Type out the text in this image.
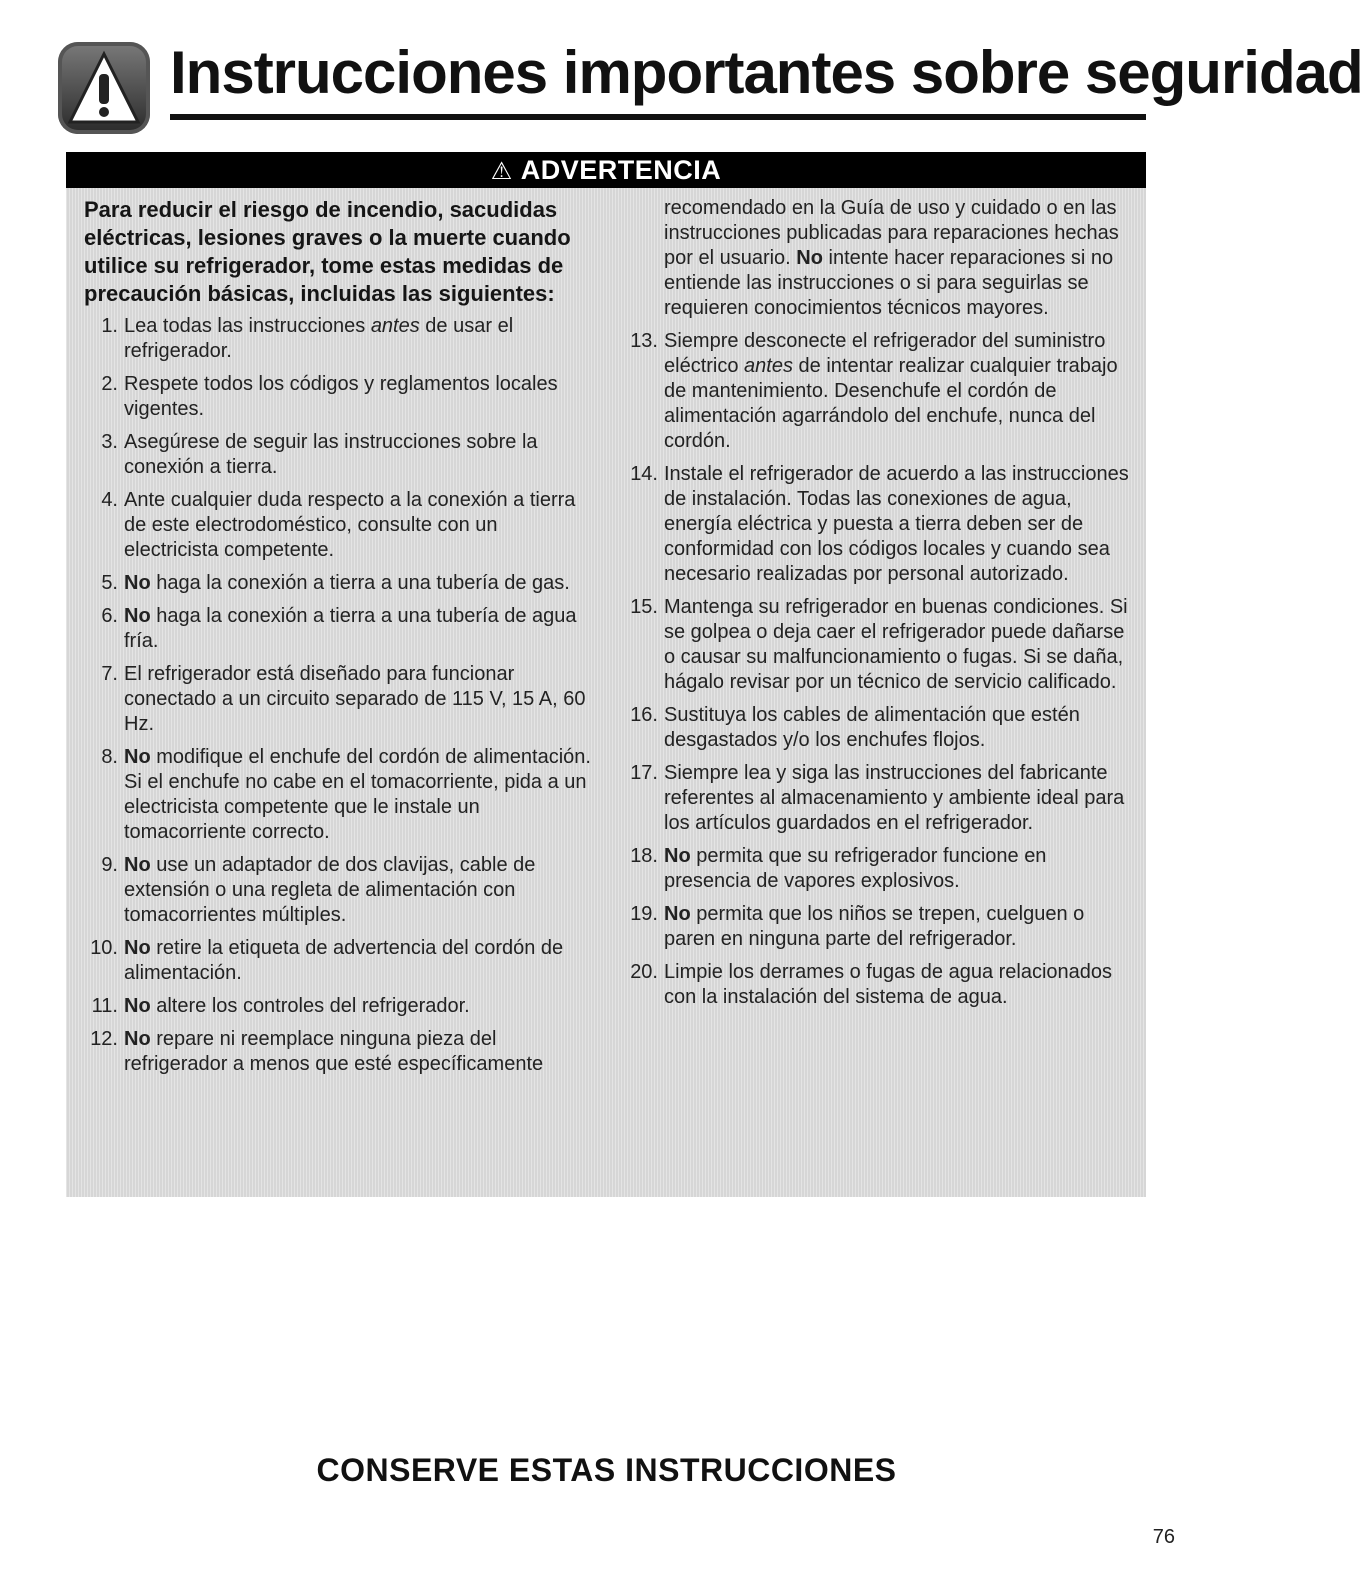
Instrucciones importantes sobre seguridad
⚠ ADVERTENCIA

Para reducir el riesgo de incendio, sacudidas eléctricas, lesiones graves o la muerte cuando utilice su refrigerador, tome estas medidas de precaución básicas, incluidas las siguientes:

1. Lea todas las instrucciones antes de usar el refrigerador.
2. Respete todos los códigos y reglamentos locales vigentes.
3. Asegúrese de seguir las instrucciones sobre la conexión a tierra.
4. Ante cualquier duda respecto a la conexión a tierra de este electrodoméstico, consulte con un electricista competente.
5. No haga la conexión a tierra a una tubería de gas.
6. No haga la conexión a tierra a una tubería de agua fría.
7. El refrigerador está diseñado para funcionar conectado a un circuito separado de 115 V, 15 A, 60 Hz.
8. No modifique el enchufe del cordón de alimentación. Si el enchufe no cabe en el tomacorriente, pida a un electricista competente que le instale un tomacorriente correcto.
9. No use un adaptador de dos clavijas, cable de extensión o una regleta de alimentación con tomacorrientes múltiples.
10. No retire la etiqueta de advertencia del cordón de alimentación.
11. No altere los controles del refrigerador.
12. No repare ni reemplace ninguna pieza del refrigerador a menos que esté específicamente

recomendado en la Guía de uso y cuidado o en las instrucciones publicadas para reparaciones hechas por el usuario. No intente hacer reparaciones si no entiende las instrucciones o si para seguirlas se requieren conocimientos técnicos mayores.

13. Siempre desconecte el refrigerador del suministro eléctrico antes de intentar realizar cualquier trabajo de mantenimiento. Desenchufe el cordón de alimentación agarrándolo del enchufe, nunca del cordón.
14. Instale el refrigerador de acuerdo a las instrucciones de instalación. Todas las conexiones de agua, energía eléctrica y puesta a tierra deben ser de conformidad con los códigos locales y cuando sea necesario realizadas por personal autorizado.
15. Mantenga su refrigerador en buenas condiciones. Si se golpea o deja caer el refrigerador puede dañarse o causar su malfuncionamiento o fugas. Si se daña, hágalo revisar por un técnico de servicio calificado.
16. Sustituya los cables de alimentación que estén desgastados y/o los enchufes flojos.
17. Siempre lea y siga las instrucciones del fabricante referentes al almacenamiento y ambiente ideal para los artículos guardados en el refrigerador.
18. No permita que su refrigerador funcione en presencia de vapores explosivos.
19. No permita que los niños se trepen, cuelguen o paren en ninguna parte del refrigerador.
20. Limpie los derrames o fugas de agua relacionados con la instalación del sistema de agua.
CONSERVE ESTAS INSTRUCCIONES
76
